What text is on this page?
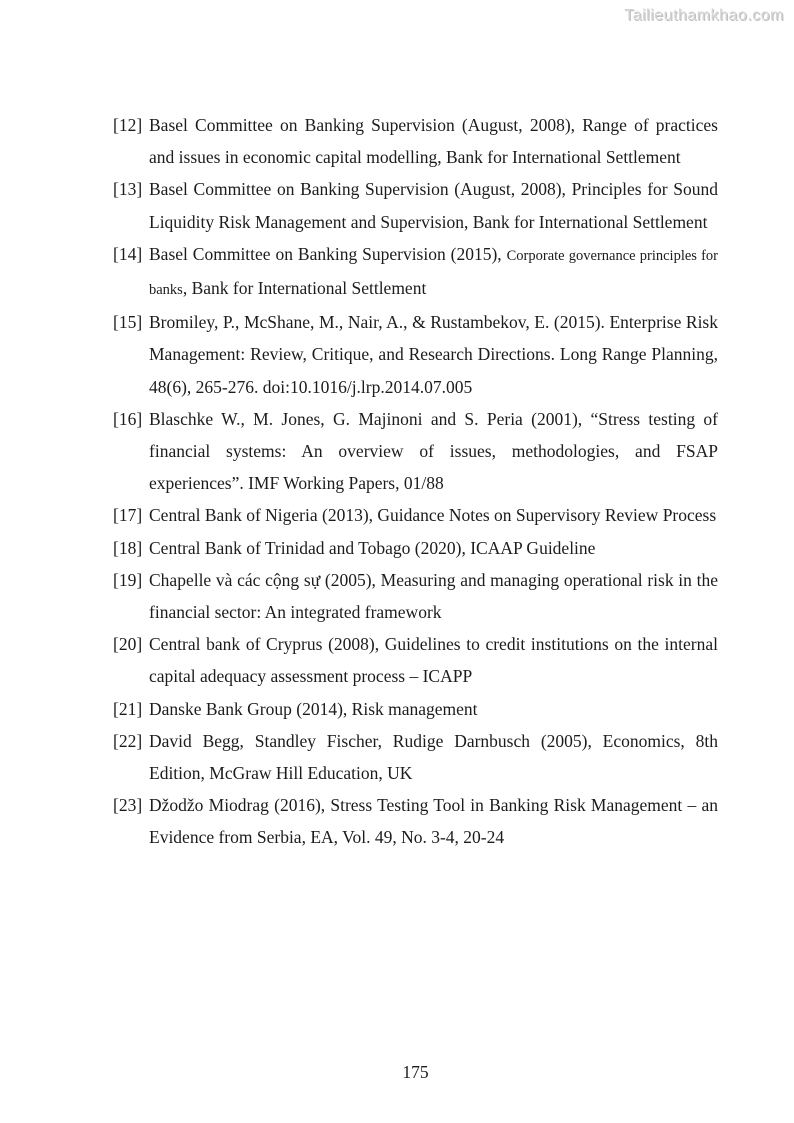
Tailieuthamkhao.com
[12] Basel Committee on Banking Supervision (August, 2008), Range of practices and issues in economic capital modelling, Bank for International Settlement
[13] Basel Committee on Banking Supervision (August, 2008), Principles for Sound Liquidity Risk Management and Supervision, Bank for International Settlement
[14] Basel Committee on Banking Supervision (2015), Corporate governance principles for banks, Bank for International Settlement
[15] Bromiley, P., McShane, M., Nair, A., & Rustambekov, E. (2015). Enterprise Risk Management: Review, Critique, and Research Directions. Long Range Planning, 48(6), 265-276. doi:10.1016/j.lrp.2014.07.005
[16] Blaschke W., M. Jones, G. Majinoni and S. Peria (2001), “Stress testing of financial systems: An overview of issues, methodologies, and FSAP experiences”. IMF Working Papers, 01/88
[17] Central Bank of Nigeria (2013), Guidance Notes on Supervisory Review Process
[18] Central Bank of Trinidad and Tobago (2020), ICAAP Guideline
[19] Chapelle và các cộng sự (2005), Measuring and managing operational risk in the financial sector: An integrated framework
[20] Central bank of Cryprus (2008), Guidelines to credit institutions on the internal capital adequacy assessment process – ICAPP
[21] Danske Bank Group (2014), Risk management
[22] David Begg, Standley Fischer, Rudige Darnbusch (2005), Economics, 8th Edition, McGraw Hill Education, UK
[23] Džodžo Miodrag (2016), Stress Testing Tool in Banking Risk Management – an Evidence from Serbia, EA, Vol. 49, No. 3-4, 20-24
175
